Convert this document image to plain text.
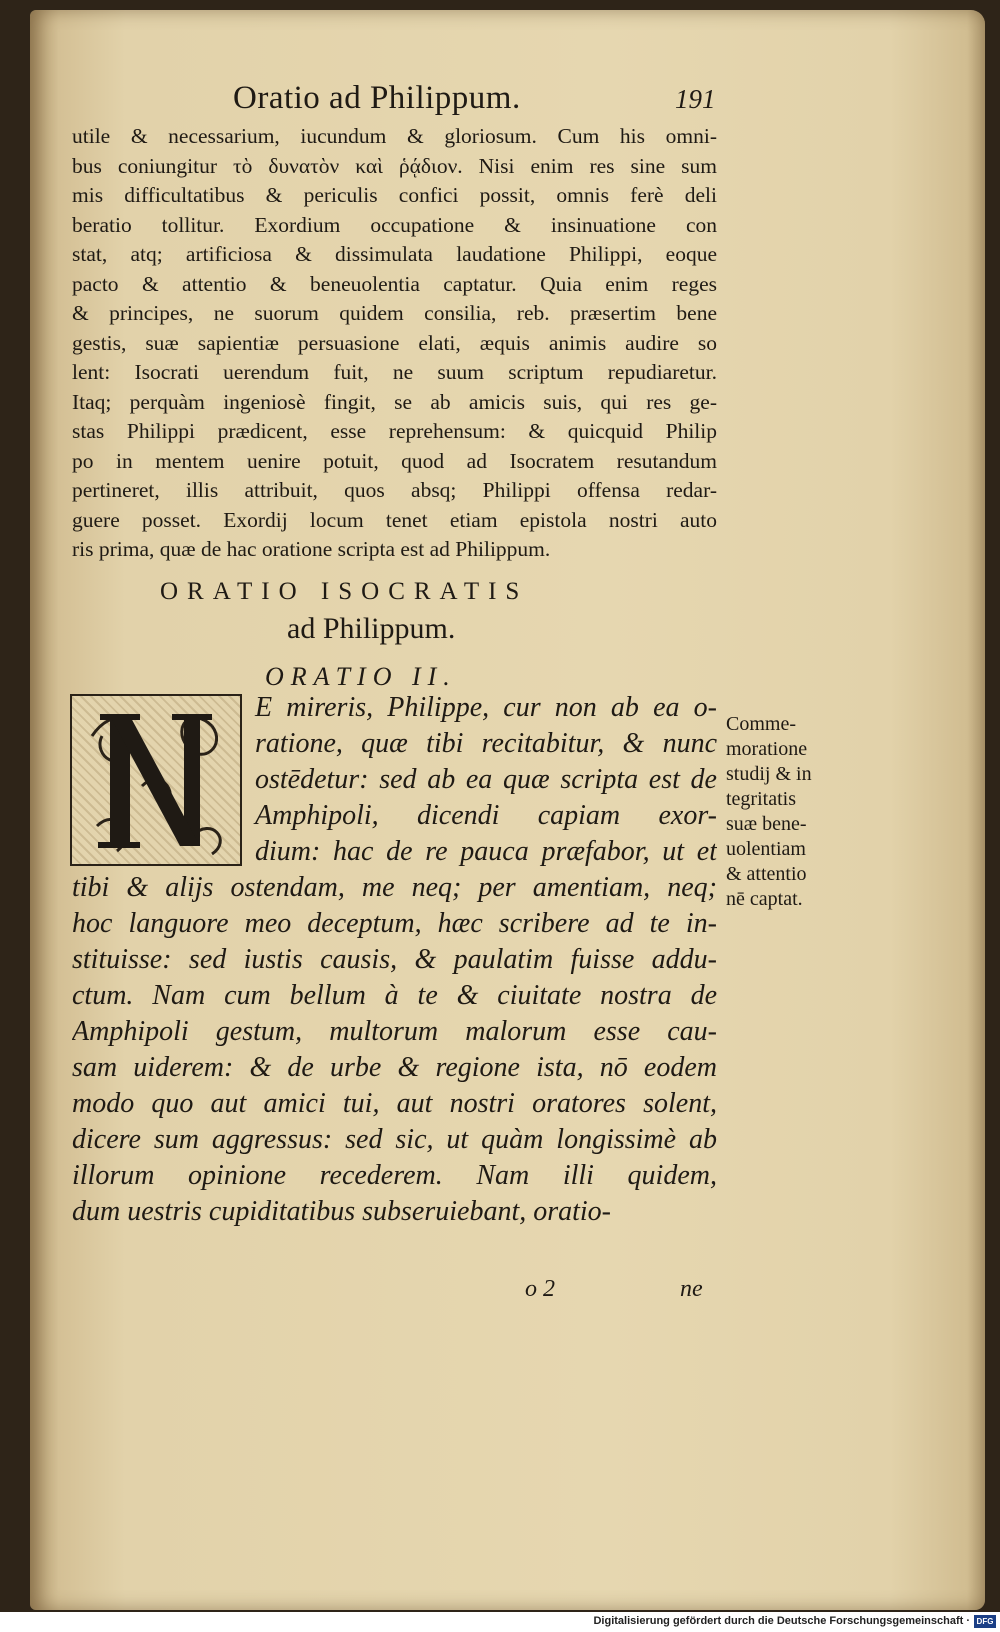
Oratio ad Philippum.	191
utile & necessarium, iucundum & gloriosum. Cum his omni-
bus coniungitur τὸ δυνατὸν καὶ ῥᾴδιον. Nisi enim res sine sum
mis difficultatibus & periculis confici possit, omnis ferè deli
beratio tollitur. Exordium occupatione & insinuatione con
stat, atq; artificiosa & dissimulata laudatione Philippi, eoque
pacto & attentio & beneuolentia captatur. Quia enim reges
& principes, ne suorum quidem consilia, reb. præsertim bene
gestis, suæ sapientiæ persuasione elati, æquis animis audire so
lent: Isocrati uerendum fuit, ne suum scriptum repudiaretur.
Itaq; perquàm ingeniosè fingit, se ab amicis suis, qui res ge-
stas Philippi prædicent, esse reprehensum: & quicquid Philip
po in mentem uenire potuit, quod ad Isocratem resutandum
pertineret, illis attribuit, quos absq; Philippi offensa redar-
guere posset. Exordij locum tenet etiam epistola nostri auto
ris prima, quæ de hac oratione scripta est ad Philippum.
ORATIO ISOCRATIS
ad Philippum.
ORATIO II.
E mireris, Philippe, cur non ab ea o-
ratione, quæ tibi recitabitur, & nunc
ostēdetur: sed ab ea quæ scripta est de
Amphipoli, dicendi capiam exor-
dium: hac de re pauca præfabor, ut et
tibi & alijs ostendam, me neq; per amentiam, neq;
hoc languore meo deceptum, hæc scribere ad te in-
stituisse: sed iustis causis, & paulatim fuisse addu-
ctum. Nam cum bellum à te & ciuitate nostra de
Amphipoli gestum, multorum malorum esse cau-
sam uiderem: & de urbe & regione ista, nō eodem
modo quo aut amici tui, aut nostri oratores solent,
dicere sum aggressus: sed sic, ut quàm longissimè ab
illorum opinione recederem. Nam illi quidem,
dum uestris cupiditatibus subseruiebant, oratio-
o 2	ne
Comme-
moratione
studij & in
tegritatis
suæ bene-
uolentiam
& attentio
nē captat.
Digitalisierung gefördert durch die Deutsche Forschungsgemeinschaft · DFG
